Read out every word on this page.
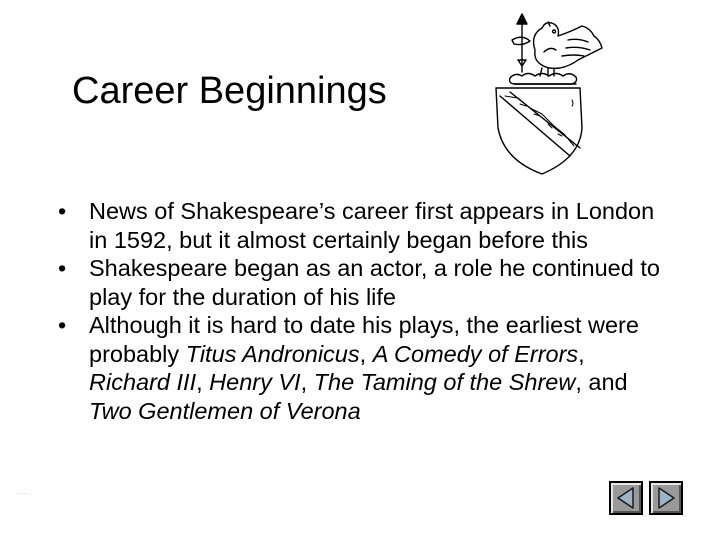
Career Beginnings
• News of Shakespeare’s career first appears in London in 1592, but it almost certainly began before this
• Shakespeare began as an actor, a role he continued to play for the duration of his life
• Although it is hard to date his plays, the earliest were probably Titus Andronicus, A Comedy of Errors, Richard III, Henry VI, The Taming of the Shrew, and Two Gentlemen of Verona
· · · ·
